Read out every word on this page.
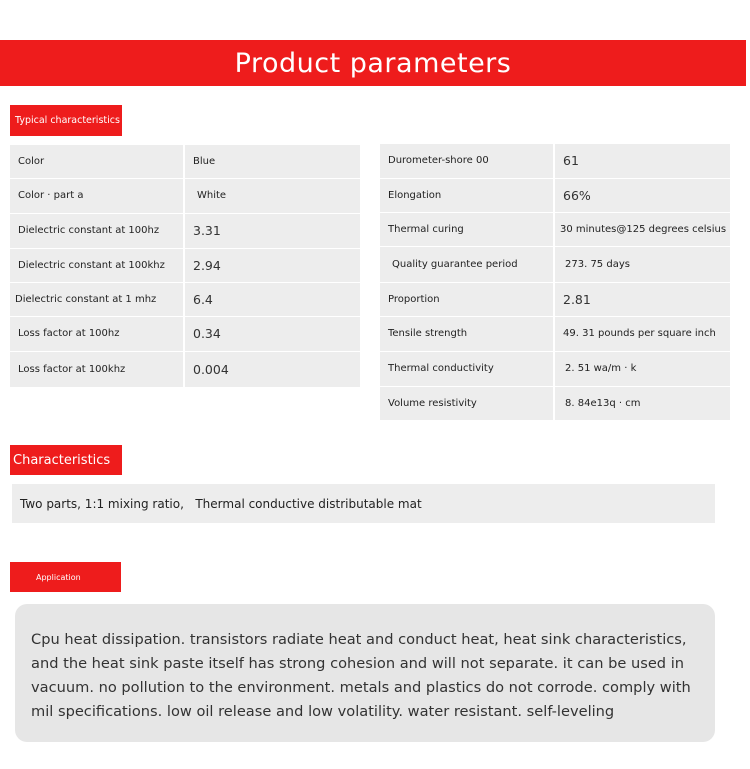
Product parameters
Typical characteristics
Color	Blue
Color · part a	White
Dielectric constant at 100hz	3.31
Dielectric constant at 100khz	2.94
Dielectric constant at 1 mhz	6.4
Loss factor at 100hz	0.34
Loss factor at 100khz	0.004
Durometer-shore 00	61
Elongation	66%
Thermal curing	30 minutes@125 degrees celsius
Quality guarantee period	273. 75 days
Proportion	2.81
Tensile strength	49. 31 pounds per square inch
Thermal conductivity	2. 51 wa/m · k
Volume resistivity	8. 84e13q · cm
Characteristics
Two parts, 1:1 mixing ratio,   Thermal conductive distributable mat
Application
Cpu heat dissipation. transistors radiate heat and conduct heat, heat sink characteristics, and the heat sink paste itself has strong cohesion and will not separate. it can be used in vacuum. no pollution to the environment. metals and plastics do not corrode. comply with mil specifications. low oil release and low volatility. water resistant. self-leveling
